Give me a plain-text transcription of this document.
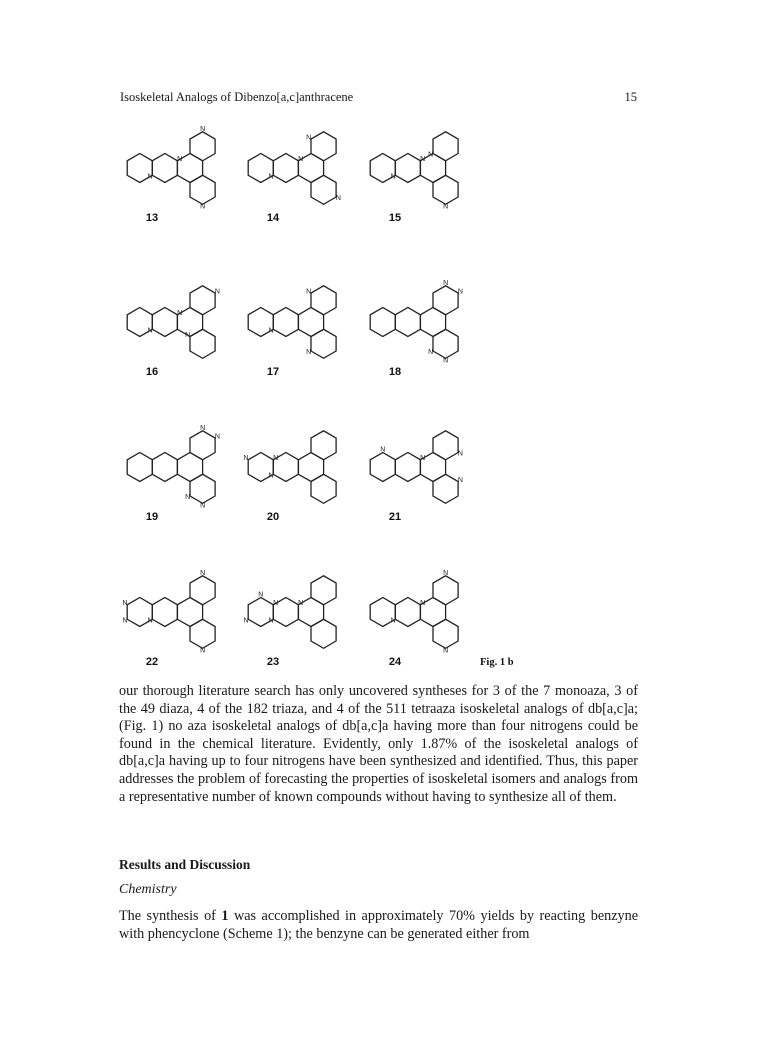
Isoskeletal Analogs of Dibenzo[a,c]anthracene	15
N
N
N
N
13
N
N
N
N
14
N
N
N
N
15
N
N
N
N
16
N
N
N
17
N
N
N
N
18
N
N
N
N
19
N	N
N
20
N
N
N
N
21
N
N
N
N
N
22
N
N
N
N
N
23
N
N
N
N
24	Fig. 1 b
our thorough literature search has only uncovered syntheses for 3 of the 7 monoaza, 3 of the 49 diaza, 4 of the 182 triaza, and 4 of the 511 tetraaza isoskeletal analogs of db[a,c]a; (Fig. 1) no aza isoskeletal analogs of db[a,c]a having more than four nitrogens could be found in the chemical literature. Evidently, only 1.87% of the isoskeletal analogs of db[a,c]a having up to four nitrogens have been synthesized and identified. Thus, this paper addresses the problem of forecasting the properties of isoskeletal isomers and analogs from a representative number of known compounds without having to synthesize all of them.
Results and Discussion
Chemistry
The synthesis of 1 was accomplished in approximately 70% yields by reacting benzyne with phencyclone (Scheme 1); the benzyne can be generated either from
